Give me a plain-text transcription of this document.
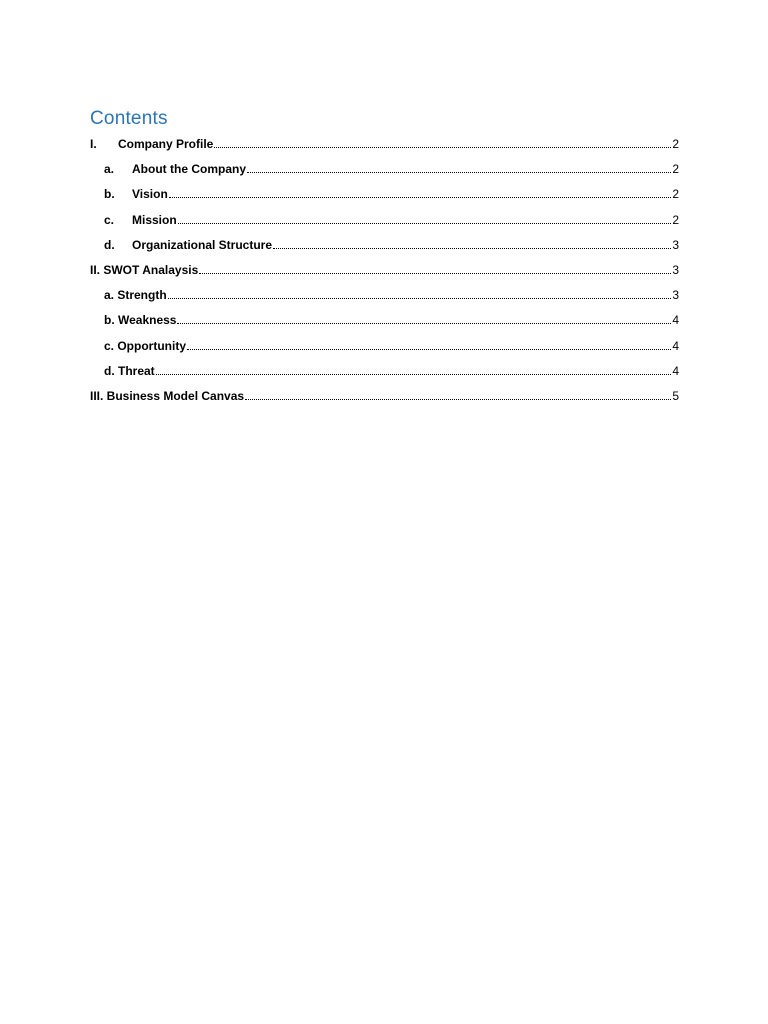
Contents
I.	Company Profile	2
a.	About the Company	2
b.	Vision	2
c.	Mission	2
d.	Organizational Structure	3
II. SWOT Analaysis	3
a. Strength	3
b. Weakness	4
c. Opportunity	4
d. Threat	4
III. Business Model Canvas	5
